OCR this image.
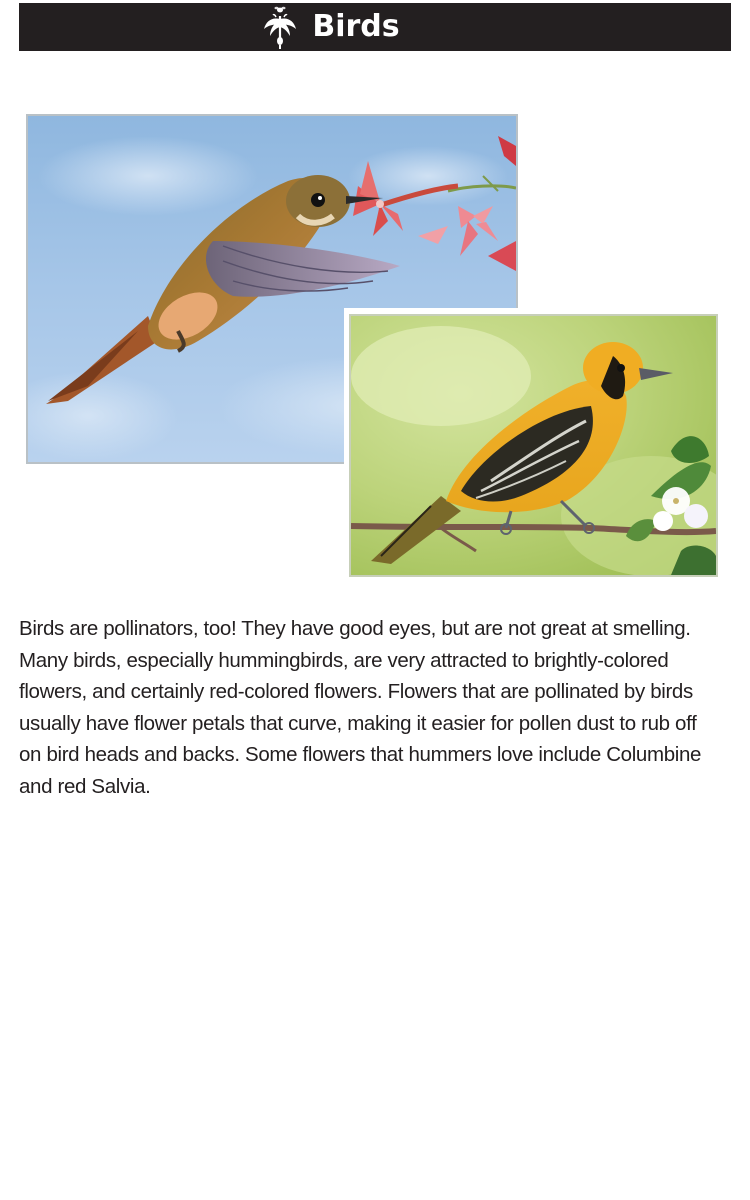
Birds

Birds are pollinators, too! They have good eyes, but are not great at smelling. Many birds, especially hummingbirds, are very attracted to brightly-colored flowers, and certainly red-colored flowers. Flowers that are pollinated by birds usually have flower petals that curve, making it easier for pollen dust to rub off on bird heads and backs. Some flowers that hummers love include Columbine and red Salvia.
